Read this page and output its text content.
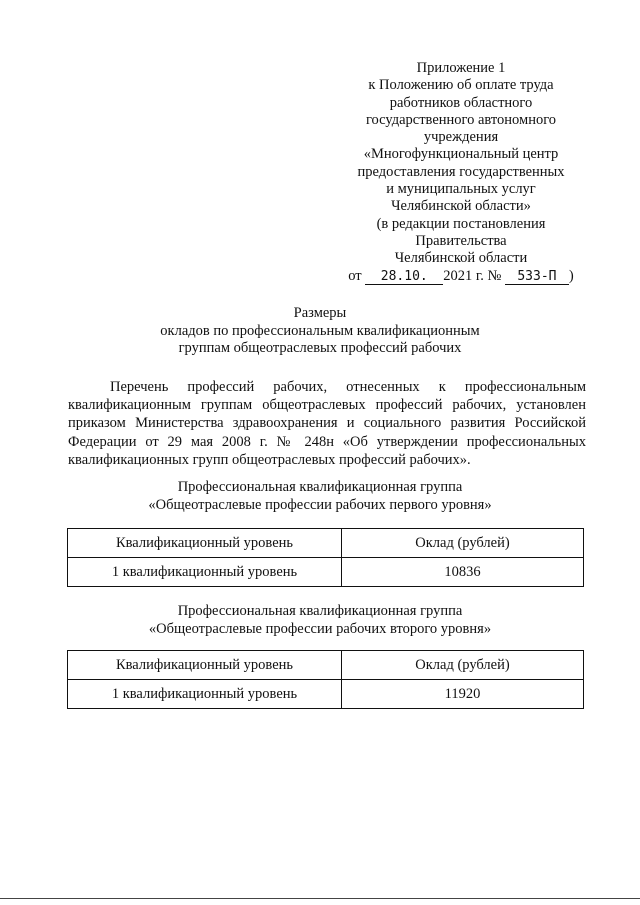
Приложение 1
к Положению об оплате труда
работников областного
государственного автономного
учреждения
«Многофункциональный центр
предоставления государственных
и муниципальных услуг
Челябинской области»
(в редакции постановления
Правительства
Челябинской области
от 28.10. 2021 г. № 533-П )
Размеры
окладов по профессиональным квалификационным
группам общеотраслевых профессий рабочих
Перечень профессий рабочих, отнесенных к профессиональным квалификационным группам общеотраслевых профессий рабочих, установлен приказом Министерства здравоохранения и социального развития Российской Федерации от 29 мая 2008 г. № 248н «Об утверждении профессиональных квалификационных групп общеотраслевых профессий рабочих».
Профессиональная квалификационная группа
«Общеотраслевые профессии рабочих первого уровня»
Квалификационный уровень	Оклад (рублей)
1 квалификационный уровень	10836
Профессиональная квалификационная группа
«Общеотраслевые профессии рабочих второго уровня»
Квалификационный уровень	Оклад (рублей)
1 квалификационный уровень	11920
